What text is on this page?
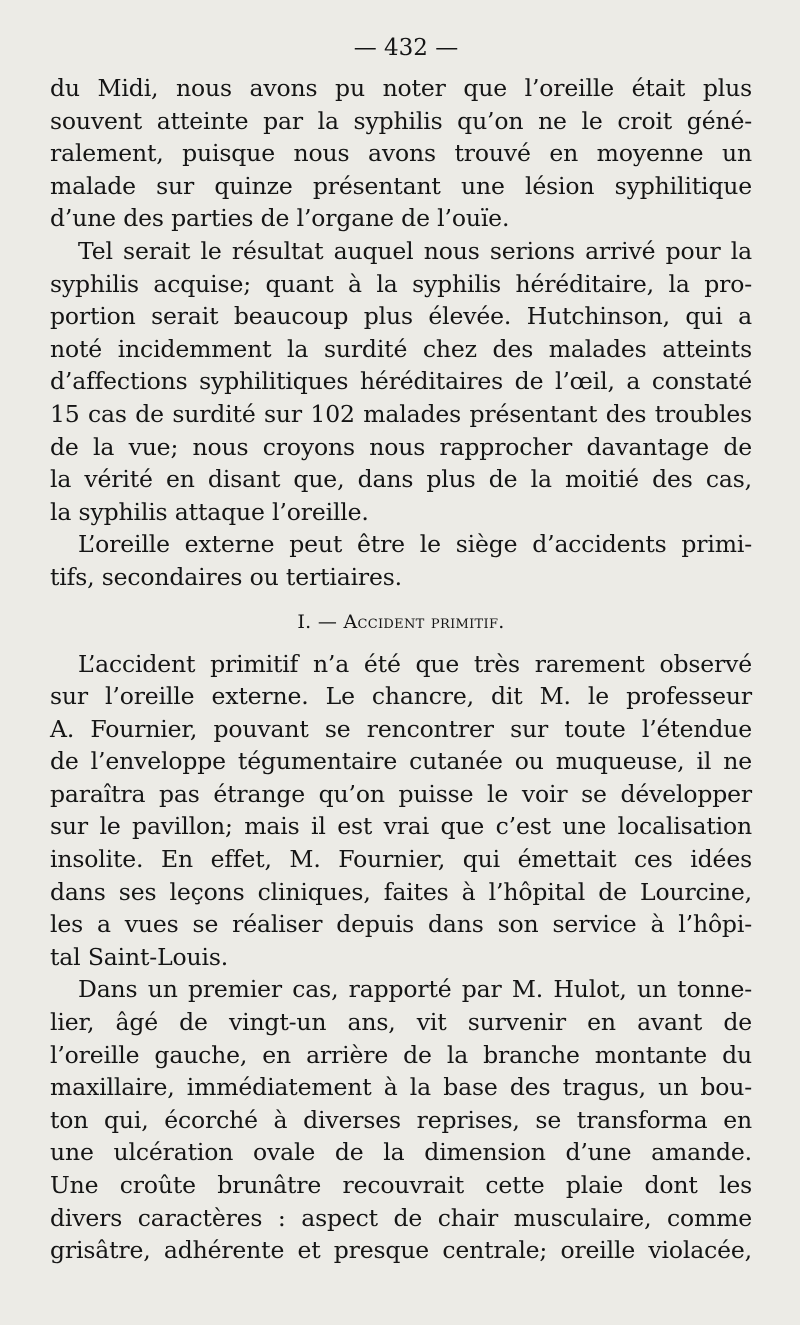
— 432 —

du Midi, nous avons pu noter que l’oreille était plus
souvent atteinte par la syphilis qu’on ne le croit géné-
ralement, puisque nous avons trouvé en moyenne un
malade sur quinze présentant une lésion syphilitique
d’une des parties de l’organe de l’ouïe.

Tel serait le résultat auquel nous serions arrivé pour la
syphilis acquise; quant à la syphilis héréditaire, la pro-
portion serait beaucoup plus élevée. Hutchinson, qui a
noté incidemment la surdité chez des malades atteints
d’affections syphilitiques héréditaires de l’œil, a constaté
15 cas de surdité sur 102 malades présentant des troubles
de la vue; nous croyons nous rapprocher davantage de
la vérité en disant que, dans plus de la moitié des cas,
la syphilis attaque l’oreille.

L’oreille externe peut être le siège d’accidents primi-
tifs, secondaires ou tertiaires.

I. — Accident primitif.

L’accident primitif n’a été que très rarement observé
sur l’oreille externe. Le chancre, dit M. le professeur
A. Fournier, pouvant se rencontrer sur toute l’étendue
de l’enveloppe tégumentaire cutanée ou muqueuse, il ne
paraîtra pas étrange qu’on puisse le voir se développer
sur le pavillon; mais il est vrai que c’est une localisation
insolite. En effet, M. Fournier, qui émettait ces idées
dans ses leçons cliniques, faites à l’hôpital de Lourcine,
les a vues se réaliser depuis dans son service à l’hôpi-
tal Saint-Louis.

Dans un premier cas, rapporté par M. Hulot, un tonne-
lier, âgé de vingt-un ans, vit survenir en avant de
l’oreille gauche, en arrière de la branche montante du
maxillaire, immédiatement à la base des tragus, un bou-
ton qui, écorché à diverses reprises, se transforma en
une ulcération ovale de la dimension d’une amande.
Une croûte brunâtre recouvrait cette plaie dont les
divers caractères : aspect de chair musculaire, comme
grisâtre, adhérente et presque centrale; oreille violacée,
